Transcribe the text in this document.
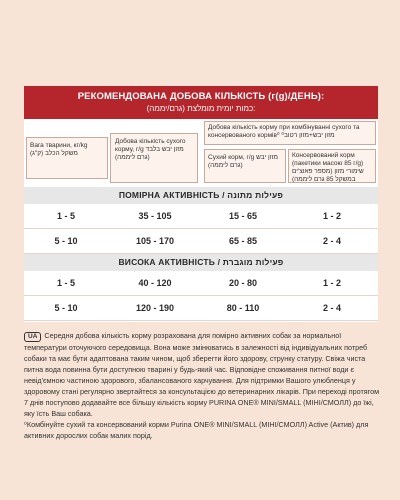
РЕКОМЕНДОВАНА ДОБОВА КІЛЬКІСТЬ (г(g)/ДЕНЬ):
כמות יומית מומלצת (גרם/יממה):
Вага тварини, кг/kg משקל הכלב (ק"ג)
Добова кількість сухого корму, г/g מזון יבש בלבד (גרם ליממה)
Добова кількість корму при комбінуванні сухого та консервованого кормів⁰ מזון יבש+מזון רטוב⁰
Сухий корм, г/g מזון יבש (גרם ליממה)
Консервований корм (пакетики масою 85 г/g) שימורי מזון (מספר פאוצ'ים במשקל 85 גרם ליממה)
ПОМІРНА АКТИВНІСТЬ / פעילות מתונה
1 - 5	35 - 105	15 - 65	1 - 2
5 - 10	105 - 170	65 - 85	2 - 4
ВИСОКА АКТИВНІСТЬ / פעילות מוגברת
1 - 5	40 - 120	20 - 80	1 - 2
5 - 10	120 - 190	80 - 110	2 - 4
UA Середня добова кількість корму розрахована для помірно активних собак за нормальної температури оточуючого середовища. Вона може змінюватись в залежності від індивідуальних потреб собаки та має бути адаптована таким чином, щоб зберегти його здорову, струнку статуру. Свіжа чиста питна вода повинна бути доступною тварині у будь-який час. Відповідне споживання питної води є невід'ємною частиною здорового, збалансованого харчування. Для підтримки Вашого улюбленця у здоровому стані регулярно звертайтеся за консультацією до ветеринарних лікарів. При переході протягом 7 днів поступово додавайте все більшу кількість корму PURINA ONE® MINI/SMALL (МІНІ/СМОЛЛ) до їжі, яку їсть Ваш собака.
⁰Комбінуйте сухий та консервований корми Purina ONE® MINI/SMALL (МІНІ/СМОЛЛ) Active (Актив) для активних дорослих собак малих порід.
